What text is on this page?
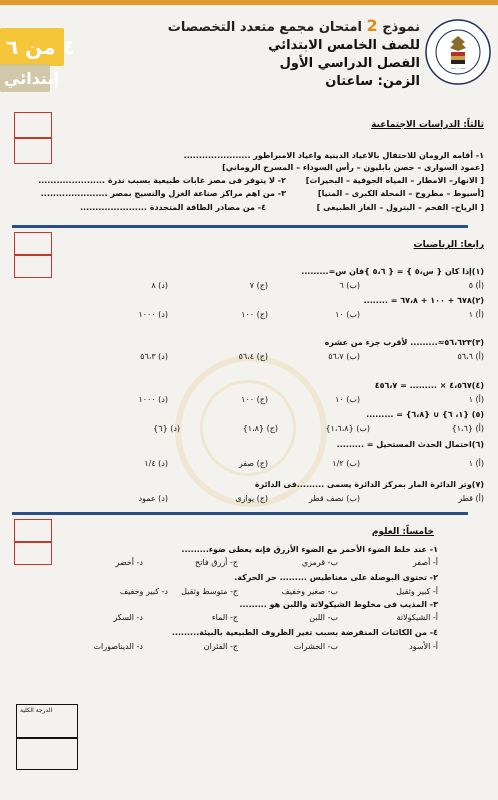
٤ من ٦
إبتدائي
نموذج 2 امتحان مجمع متعدد التخصصات
للصف الخامس الابتدائي
الفصل الدراسي الأول
الزمن: ساعتان
— · —
ثالثاً: الدراسات الاجتماعية
١- أقامه الرومان للاحتفال بالاعياد الدينية واعياد الامبراطور ......................
[عمود السوارى – حصن بابليون – رأس السوداء – المسرح الروماني]
٢- لا يتوفر فى مصر غابات طبيعية بسبب ندرة ...................... [ الانهار– الامطار – المياه الجوفية – البحيرات]
٣- من اهم مراكز صناعة الغزل والنسيج بمصر ......................	[أسيوط – مطروح – المحلة الكبرى – المنيا]
٤- من مصادر الطاقة المتجددة ......................	[ الرياح– الفحم – البترول – الغاز الطبيعى ]
رابعا: الرياضيات
(١)إذا كان { س،٥ } = { ٥،٦ }فان س=.........
(أ) ٥
(ب) ٦
(ج) ٧
(د) ٨
(٢)٦٧٨ + ١٠٠ + ٦٧،٨ = ........
(أ) ١
(ب) ١٠
(ج) ١٠٠
(د) ١٠٠٠
(٣)٥٦،٦٢٣≈......... لأقرب جزء من عشره
(أ) ٥٦،٦
(ب) ٥٦،٧
(ج) ٥٦،٤
(د) ٥٦،٣
(٤)٤،٥٦٧ × ......... = ٤٥٦،٧
(أ) ١
(ب) ١٠
(ج) ١٠٠
(د) ١٠٠٠
(٥) {١، ٦} ∪ {٦،٨} = .........
(أ) {١،٦}
(ب) {١،٦،٨}
(ج) {١،٨}
(د) {٦}
(٦)احتمال الحدث المستحيل = .........
(أ) ١
(ب) ١/٢
(ج) صفر
(د) ١/٤
(٧)وتر الدائرة المار بمركز الدائرة يسمى .........فى الدائرة
(أ) قطر
(ب) نصف قطر
(ج) يوازى
(د) عمود
خامساً: العلوم
١- عند خلط الضوء الأحمر مع الضوء الأزرق فإنه يعطى ضوء.........
أ- أصفر
ب- قرمزي
ج- أزرق فاتح
د- أخضر
٢- تحتوى البوصلة على مغناطيس ......... حر الحركة.
أ- كبير وثقيل
ب- صغير وخفيف
ج- متوسط وثقيل
د- كبير وخفيف
٣- المذيب فى مخلوط الشيكولاتة واللبن هو .........
أ- الشيكولاتة
ب- اللبن
ج- الماء
د- السكر
٤- من الكائنات المنقرضة بسبب تغير الظروف الطبيعية بالبيئة.........
أ- الأسود
ب- الحشرات
ج- الفئران
د- الديناصورات
الدرجة الكلية
